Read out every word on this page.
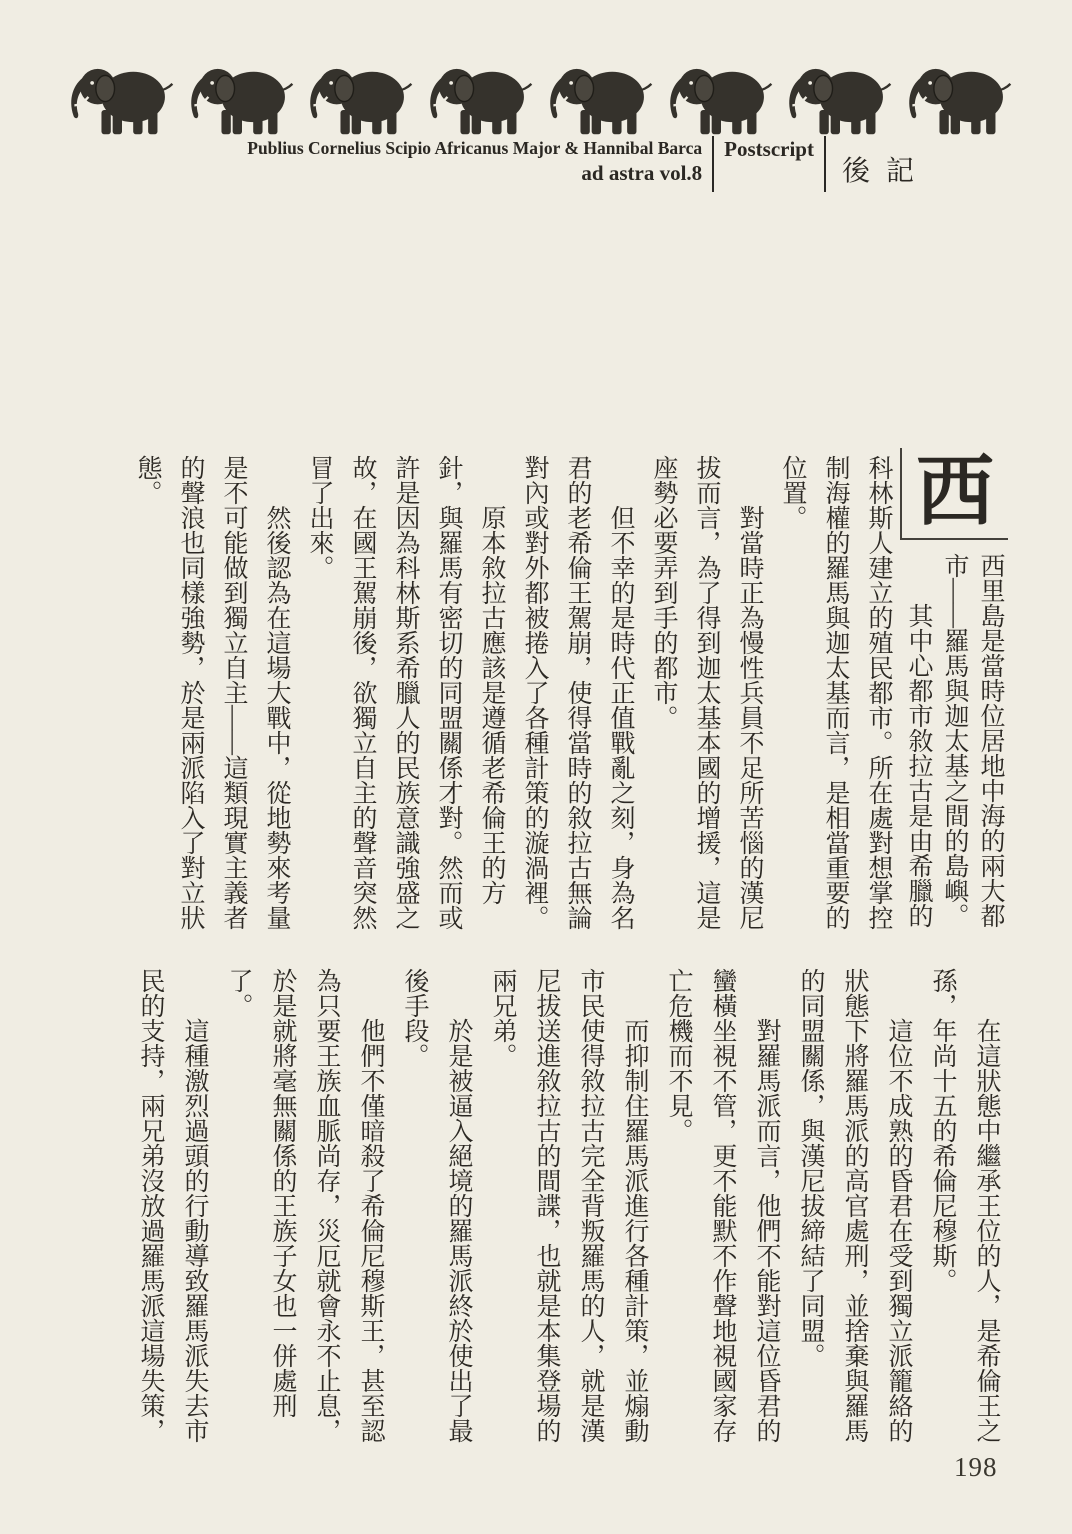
Publius Cornelius Scipio Africanus Major & Hannibal Barca
ad astra vol.8
Postscript
後記
西

西里島是當時位居地中海的兩大都市——羅馬與迦太基之間的島嶼。

其中心都市敘拉古是由希臘的

科林斯人建立的殖民都市。所在處對想掌控制海權的羅馬與迦太基而言，是相當重要的位置。

對當時正為慢性兵員不足所苦惱的漢尼拔而言，為了得到迦太基本國的增援，這是座勢必要弄到手的都市。

但不幸的是時代正值戰亂之刻，身為名君的老希倫王駕崩，使得當時的敘拉古無論對內或對外都被捲入了各種計策的漩渦裡。

原本敘拉古應該是遵循老希倫王的方針，與羅馬有密切的同盟關係才對。然而或許是因為科林斯系希臘人的民族意識強盛之故，在國王駕崩後，欲獨立自主的聲音突然冒了出來。

然後認為在這場大戰中，從地勢來考量是不可能做到獨立自主——這類現實主義者的聲浪也同樣強勢，於是兩派陷入了對立狀態。

在這狀態中繼承王位的人，是希倫王之孫，年尚十五的希倫尼穆斯。

這位不成熟的昏君在受到獨立派籠絡的狀態下將羅馬派的高官處刑，並捨棄與羅馬的同盟關係，與漢尼拔締結了同盟。

對羅馬派而言，他們不能對這位昏君的蠻橫坐視不管，更不能默不作聲地視國家存亡危機而不見。

而抑制住羅馬派進行各種計策，並煽動市民使得敘拉古完全背叛羅馬的人，就是漢尼拔送進敘拉古的間諜，也就是本集登場的兩兄弟。

於是被逼入絕境的羅馬派終於使出了最後手段。

他們不僅暗殺了希倫尼穆斯王，甚至認為只要王族血脈尚存，災厄就會永不止息，於是就將毫無關係的王族子女也一併處刑了。

這種激烈過頭的行動導致羅馬派失去市民的支持，兩兄弟沒放過羅馬派這場失策，

198
